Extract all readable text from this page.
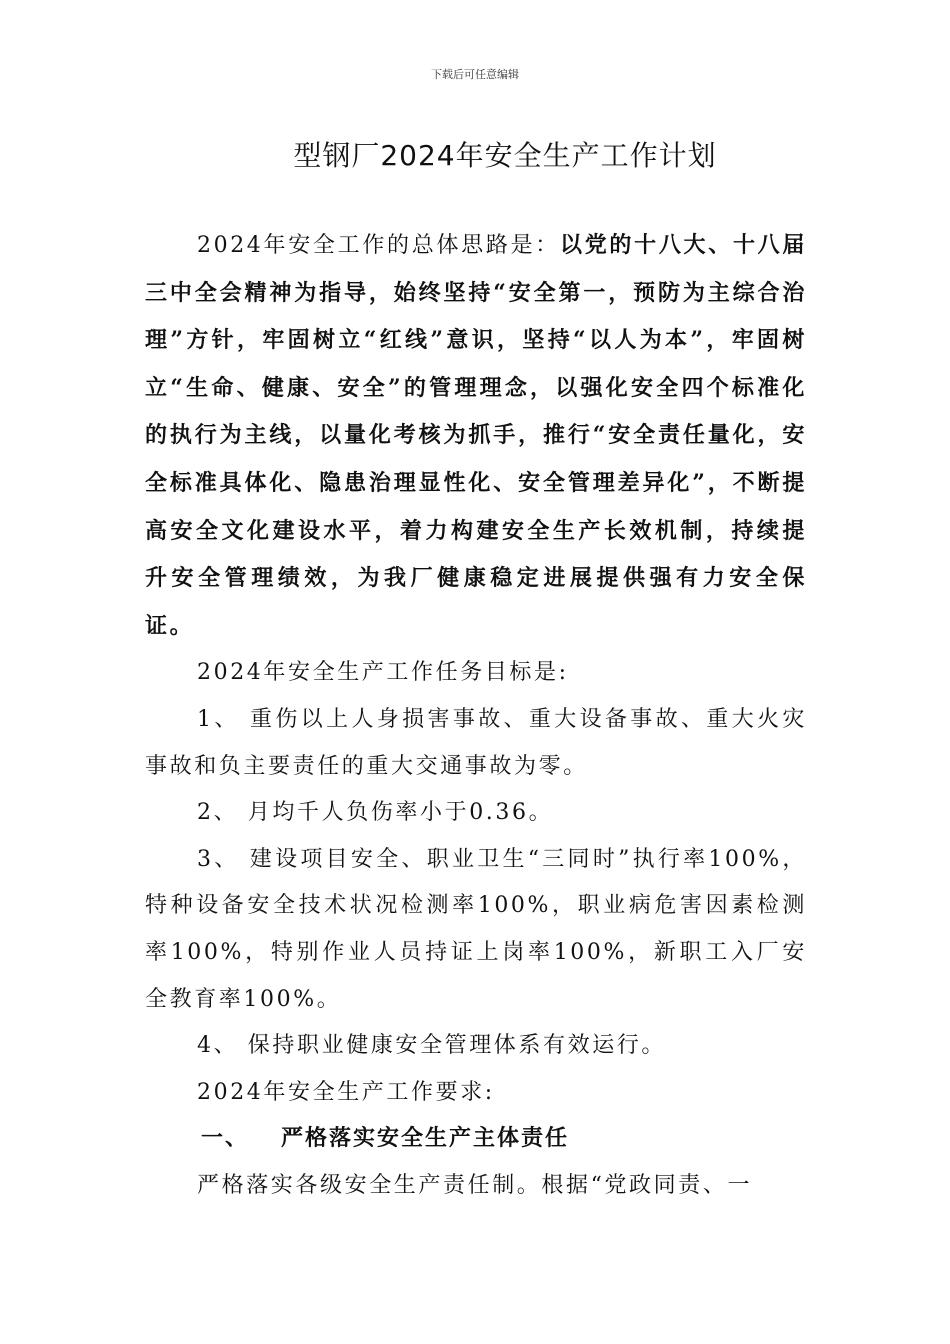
下载后可任意编辑
型钢厂2024年安全生产工作计划

2024年安全工作的总体思路是：以党的十八大、十八届三中全会精神为指导，始终坚持“安全第一，预防为主综合治理”方针，牢固树立“红线”意识，坚持“以人为本”，牢固树立“生命、健康、安全”的管理理念，以强化安全四个标准化的执行为主线，以量化考核为抓手，推行“安全责任量化，安全标准具体化、隐患治理显性化、安全管理差异化”，不断提高安全文化建设水平，着力构建安全生产长效机制，持续提升安全管理绩效，为我厂健康稳定进展提供强有力安全保证。

2024年安全生产工作任务目标是:

1、 重伤以上人身损害事故、重大设备事故、重大火灾事故和负主要责任的重大交通事故为零。

2、 月均千人负伤率小于0.36。

3、 建设项目安全、职业卫生“三同时”执行率100%，特种设备安全技术状况检测率100%，职业病危害因素检测率100%，特别作业人员持证上岗率100%，新职工入厂安全教育率100%。

4、 保持职业健康安全管理体系有效运行。

2024年安全生产工作要求:

一、 严格落实安全生产主体责任

严格落实各级安全生产责任制。根据“党政同责、一
